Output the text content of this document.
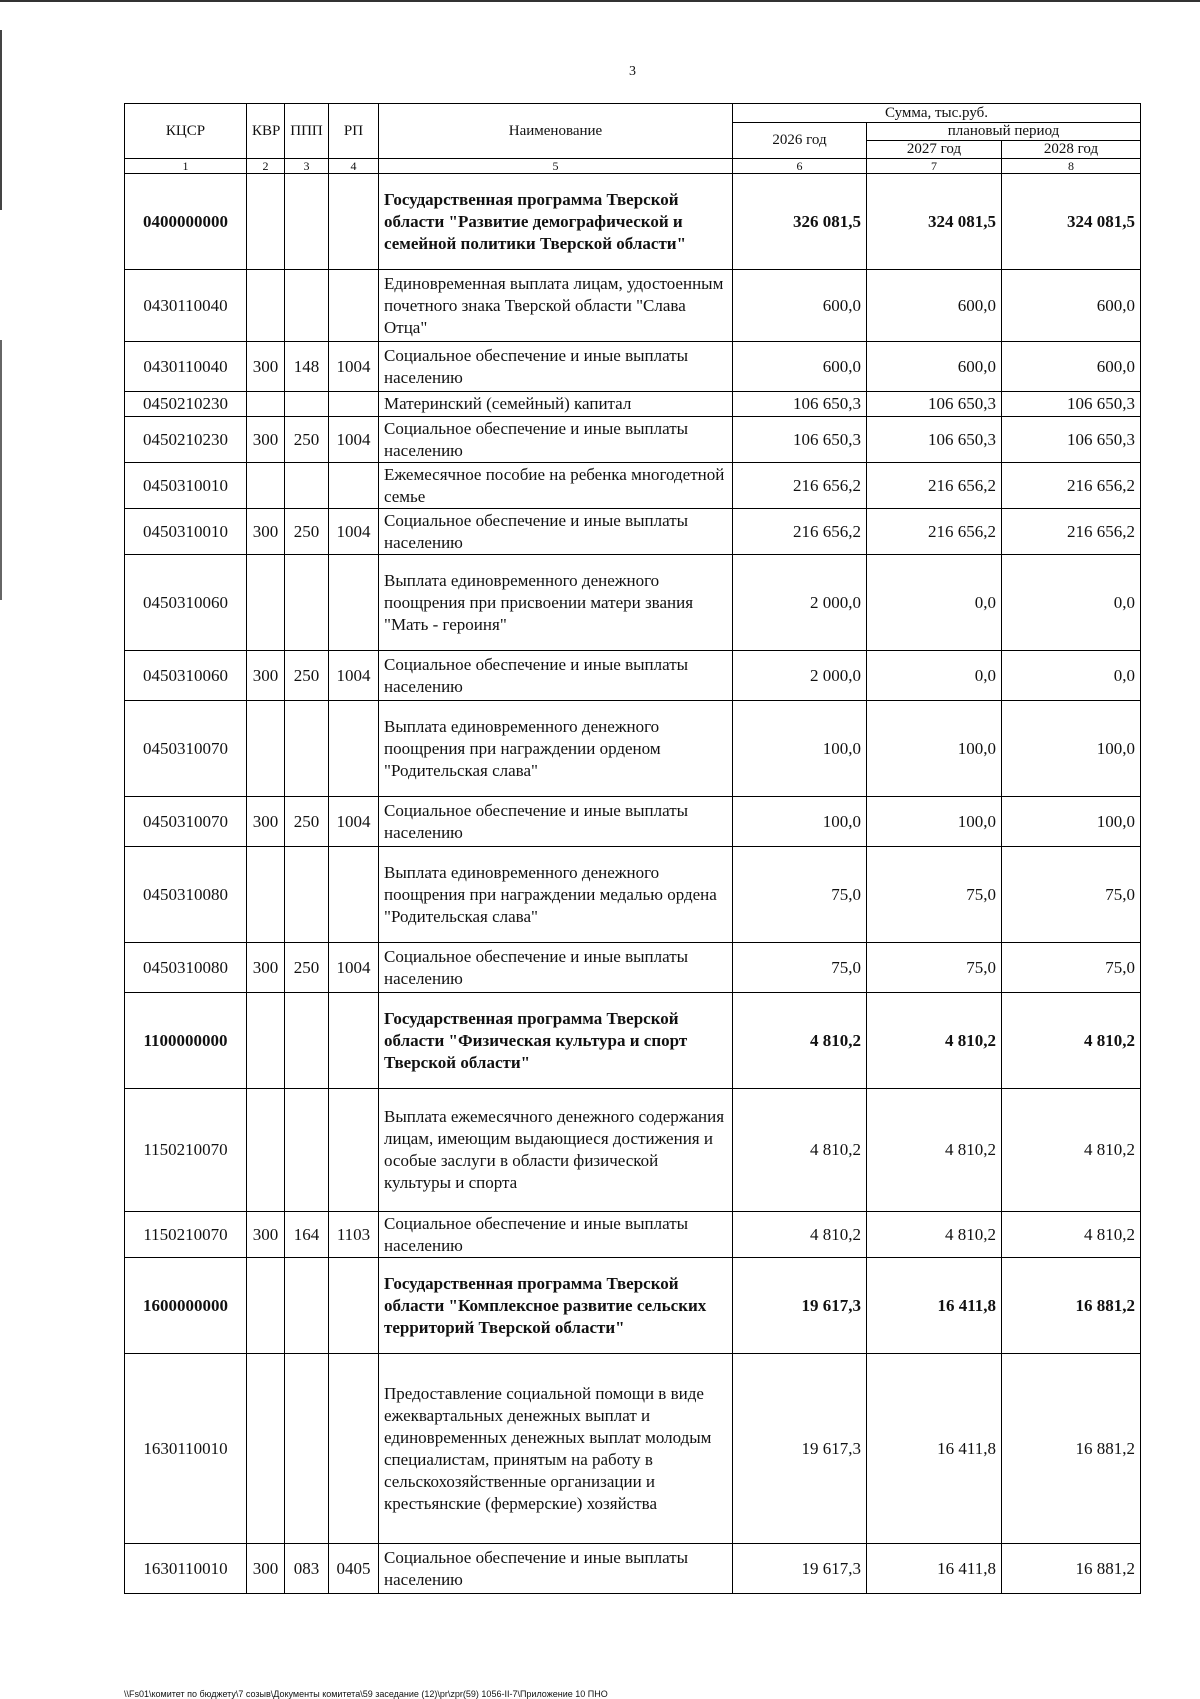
3
КЦСР	КВР	ППП	РП	Наименование	Сумма, тыс.руб.		
					2026 год	плановый период	
						2027 год	2028 год
1	2	3	4	5	6	7	8
0400000000				Государственная программа Тверской области "Развитие демографической и семейной политики Тверской области"	326 081,5	324 081,5	324 081,5
0430110040				Единовременная выплата лицам, удостоенным почетного знака Тверской области "Слава Отца"	600,0	600,0	600,0
0430110040	300	148	1004	Социальное обеспечение и иные выплаты населению	600,0	600,0	600,0
0450210230				Материнский (семейный) капитал	106 650,3	106 650,3	106 650,3
0450210230	300	250	1004	Социальное обеспечение и иные выплаты населению	106 650,3	106 650,3	106 650,3
0450310010				Ежемесячное пособие на ребенка многодетной семье	216 656,2	216 656,2	216 656,2
0450310010	300	250	1004	Социальное обеспечение и иные выплаты населению	216 656,2	216 656,2	216 656,2
0450310060				Выплата единовременного денежного поощрения при присвоении матери звания "Мать - героиня"	2 000,0	0,0	0,0
0450310060	300	250	1004	Социальное обеспечение и иные выплаты населению	2 000,0	0,0	0,0
0450310070				Выплата единовременного денежного поощрения при награждении орденом "Родительская слава"	100,0	100,0	100,0
0450310070	300	250	1004	Социальное обеспечение и иные выплаты населению	100,0	100,0	100,0
0450310080				Выплата единовременного денежного поощрения при награждении медалью ордена "Родительская слава"	75,0	75,0	75,0
0450310080	300	250	1004	Социальное обеспечение и иные выплаты населению	75,0	75,0	75,0
1100000000				Государственная программа Тверской области "Физическая культура и спорт Тверской области"	4 810,2	4 810,2	4 810,2
1150210070				Выплата ежемесячного денежного содержания лицам, имеющим выдающиеся достижения и особые заслуги в области физической культуры и спорта	4 810,2	4 810,2	4 810,2
1150210070	300	164	1103	Социальное обеспечение и иные выплаты населению	4 810,2	4 810,2	4 810,2
1600000000				Государственная программа Тверской области "Комплексное развитие сельских территорий Тверской области"	19 617,3	16 411,8	16 881,2
1630110010				Предоставление социальной помощи в виде ежеквартальных денежных выплат и единовременных денежных выплат молодым специалистам, принятым на работу в сельскохозяйственные организации и крестьянские (фермерские) хозяйства	19 617,3	16 411,8	16 881,2
1630110010	300	083	0405	Социальное обеспечение и иные выплаты населению	19 617,3	16 411,8	16 881,2
\\Fs01\комитет по бюджету\7 созыв\Документы комитета\59 заседание (12)\pr\zpr(59) 1056-II-7\Приложение 10 ПНО
